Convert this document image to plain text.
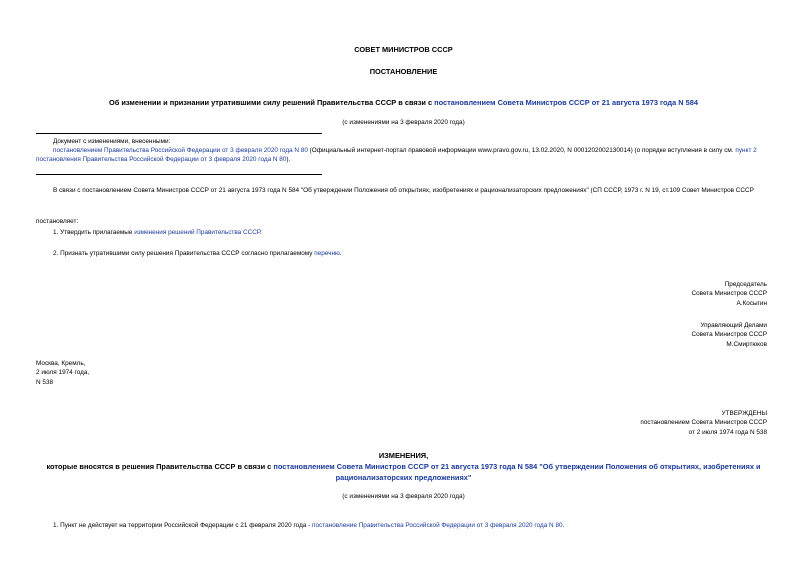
СОВЕТ МИНИСТРОВ СССР
ПОСТАНОВЛЕНИЕ
Об изменении и признании утратившими силу решений Правительства СССР в связи с постановлением Совета Министров СССР от 21 августа 1973 года N 584
(с изменениями на 3 февраля 2020 года)
Документ с изменениями, внесенными:
постановлением Правительства Российской Федерации от 3 февраля 2020 года N 80 (Официальный интернет-портал правовой информации www.pravo.gov.ru, 13.02.2020, N 0001202002130014) (о порядке вступления в силу см. пункт 2 постановления Правительства Российской Федерации от 3 февраля 2020 года N 80).
В связи с постановлением Совета Министров СССР от 21 августа 1973 года N 584 "Об утверждении Положения об открытиях, изобретениях и рационализаторских предложениях" (СП СССР, 1973 г. N 19, ст.109 Совет Министров СССР
постановляет:
1. Утвердить прилагаемые изменения решений Правительства СССР.
2. Признать утратившими силу решения Правительства СССР согласно прилагаемому перечню.

Председатель

Совета Министров СССР

А.Косыгин

Управляющий Делами

Совета Министров СССР

М.Смиртюков

Москва, Кремль,

2 июля 1974 года,

N 538

УТВЕРЖДЕНЫ

постановлением Совета Министров СССР

от 2 июля 1974 года N 538

ИЗМЕНЕНИЯ,
которые вносятся в решения Правительства СССР в связи с постановлением Совета Министров СССР от 21 августа 1973 года N 584 "Об утверждении Положения об открытиях, изобретениях и рационализаторских предложениях"
(с изменениями на 3 февраля 2020 года)
1. Пункт не действует на территории Российской Федерации с 21 февраля 2020 года - постановление Правительства Российской Федерации от 3 февраля 2020 года N 80.
